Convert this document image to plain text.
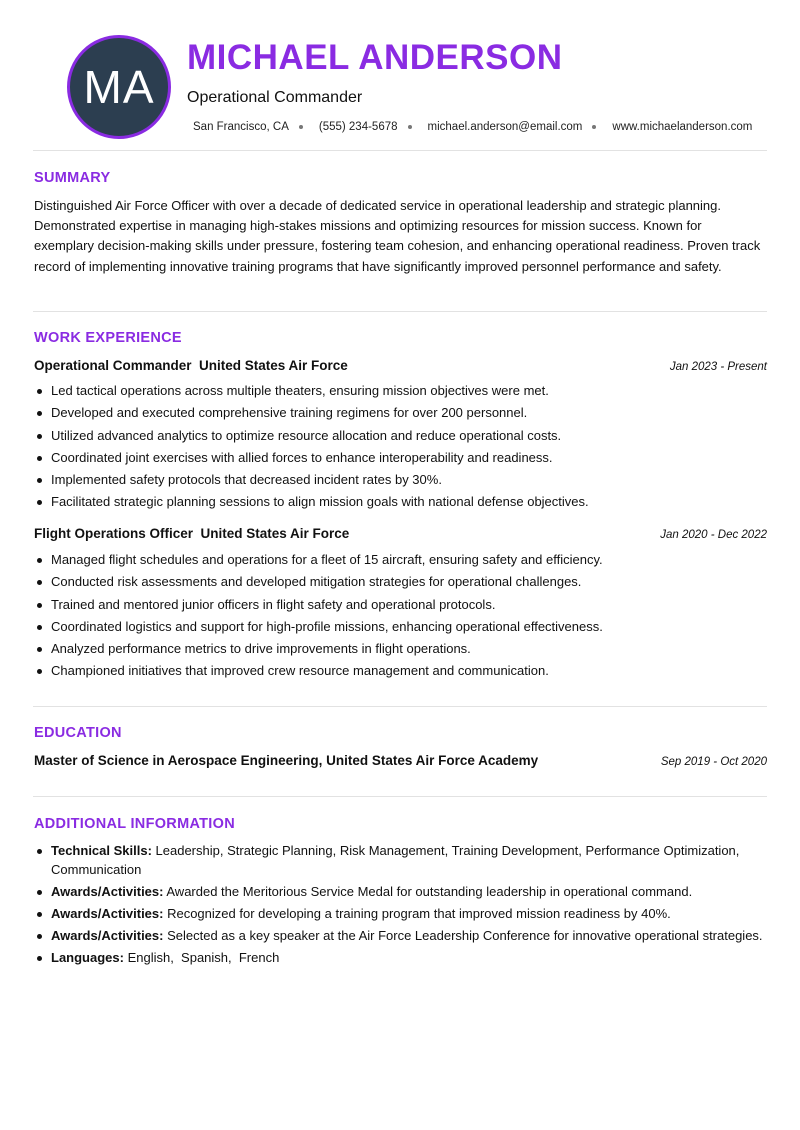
MA
MICHAEL ANDERSON
Operational Commander
San Francisco, CA	(555) 234-5678	michael.anderson@email.com	www.michaelanderson.com
SUMMARY
Distinguished Air Force Officer with over a decade of dedicated service in operational leadership and strategic planning. Demonstrated expertise in managing high-stakes missions and optimizing resources for mission success. Known for exemplary decision-making skills under pressure, fostering team cohesion, and enhancing operational readiness. Proven track record of implementing innovative training programs that have significantly improved personnel performance and safety.
WORK EXPERIENCE
Operational Commander  United States Air Force	Jan 2023 - Present
Led tactical operations across multiple theaters, ensuring mission objectives were met.
Developed and executed comprehensive training regimens for over 200 personnel.
Utilized advanced analytics to optimize resource allocation and reduce operational costs.
Coordinated joint exercises with allied forces to enhance interoperability and readiness.
Implemented safety protocols that decreased incident rates by 30%.
Facilitated strategic planning sessions to align mission goals with national defense objectives.
Flight Operations Officer  United States Air Force	Jan 2020 - Dec 2022
Managed flight schedules and operations for a fleet of 15 aircraft, ensuring safety and efficiency.
Conducted risk assessments and developed mitigation strategies for operational challenges.
Trained and mentored junior officers in flight safety and operational protocols.
Coordinated logistics and support for high-profile missions, enhancing operational effectiveness.
Analyzed performance metrics to drive improvements in flight operations.
Championed initiatives that improved crew resource management and communication.
EDUCATION
Master of Science in Aerospace Engineering, United States Air Force Academy	Sep 2019 - Oct 2020
ADDITIONAL INFORMATION
Technical Skills: Leadership, Strategic Planning, Risk Management, Training Development, Performance Optimization, Communication
Awards/Activities: Awarded the Meritorious Service Medal for outstanding leadership in operational command.
Awards/Activities: Recognized for developing a training program that improved mission readiness by 40%.
Awards/Activities: Selected as a key speaker at the Air Force Leadership Conference for innovative operational strategies.
Languages: English,  Spanish,  French
